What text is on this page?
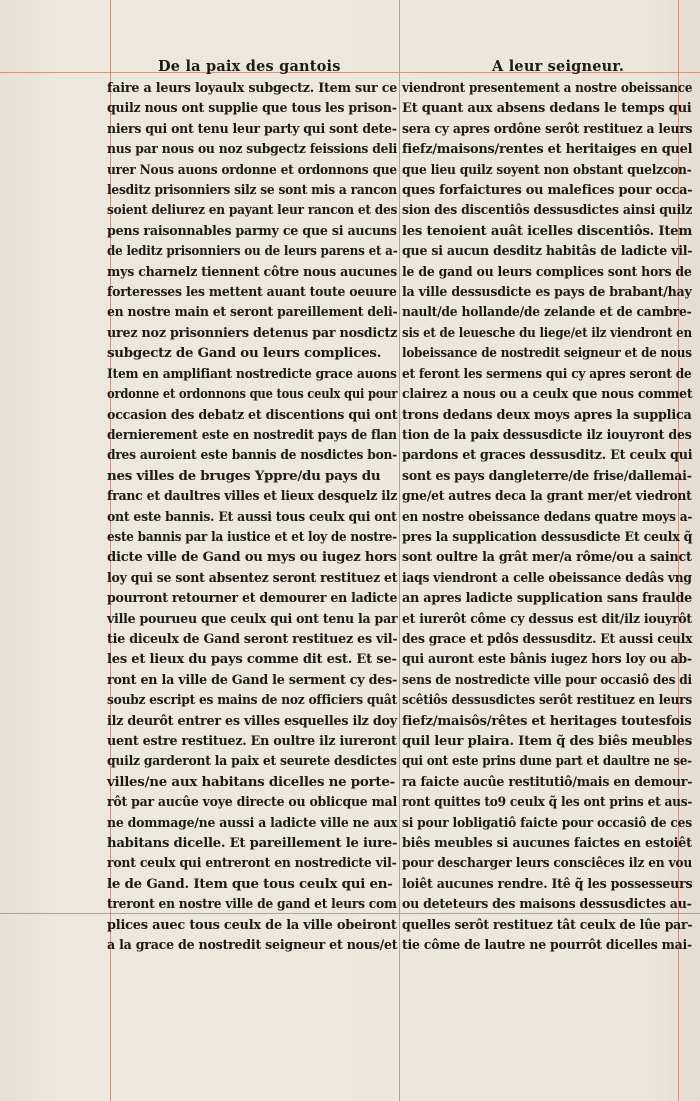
De la paix des gantois	A leur seigneur.
faire a leurs loyaulx subgectz. Item sur ce
quilz nous ont supplie que tous les prison-
niers qui ont tenu leur party qui sont dete-
nus par nous ou noz subgectz feissions deli
urer Nous auons ordonne et ordonnons que
lesditz prisonniers silz se sont mis a rancon
soient deliurez en payant leur rancon et des
pens raisonnables parmy ce que si aucuns
de leditz prisonniers ou de leurs parens et a-
mys charnelz tiennent côtre nous aucunes
forteresses les mettent auant toute oeuure
en nostre main et seront pareillement deli-
urez noz prisonniers detenus par nosdictz
subgectz de Gand ou leurs complices.
Item en amplifiant nostredicte grace auons
ordonne et ordonnons que tous ceulx qui pour
occasion des debatz et discentions qui ont
dernierement este en nostredit pays de flan
dres auroient este bannis de nosdictes bon-
nes villes de bruges Yppre/du pays du
franc et daultres villes et lieux desquelz ilz
ont este bannis. Et aussi tous ceulx qui ont
este bannis par la iustice et et loy de nostre-
dicte ville de Gand ou mys ou iugez hors
loy qui se sont absentez seront restituez et
pourront retourner et demourer en ladicte
ville pourueu que ceulx qui ont tenu la par
tie diceulx de Gand seront restituez es vil-
les et lieux du pays comme dit est. Et se-
ront en la ville de Gand le serment cy des-
soubz escript es mains de noz officiers quât
ilz deurôt entrer es villes esquelles ilz doy
uent estre restituez. En oultre ilz iureront
quilz garderont la paix et seurete desdictes
villes/ne aux habitans dicelles ne porte-
rôt par aucûe voye directe ou oblicque mal
ne dommage/ne aussi a ladicte ville ne aux
habitans dicelle. Et pareillement le iure-
ront ceulx qui entreront en nostredicte vil-
le de Gand. Item que tous ceulx qui en-
treront en nostre ville de gand et leurs com
plices auec tous ceulx de la ville obeiront
a la grace de nostredit seigneur et nous/et
viendront presentement a nostre obeissance
Et quant aux absens dedans le temps qui
sera cy apres ordône serôt restituez a leurs
fiefz/maisons/rentes et heritaiges en quel
que lieu quilz soyent non obstant quelzcon-
ques forfaictures ou malefices pour occa-
sion des discentiôs dessusdictes ainsi quilz
les tenoient auât icelles discentiôs. Item
que si aucun desditz habitâs de ladicte vil-
le de gand ou leurs complices sont hors de
la ville dessusdicte es pays de brabant/hay
nault/de hollande/de zelande et de cambre-
sis et de leuesche du liege/et ilz viendront en
lobeissance de nostredit seigneur et de nous
et feront les sermens qui cy apres seront de
clairez a nous ou a ceulx que nous commet
trons dedans deux moys apres la supplica
tion de la paix dessusdicte ilz iouyront des
pardons et graces dessusditz. Et ceulx qui
sont es pays dangleterre/de frise/dallemai-
gne/et autres deca la grant mer/et viedront
en nostre obeissance dedans quatre moys a-
pres la supplication dessusdicte Et ceulx q̃
sont oultre la grât mer/a rôme/ou a sainct
iaqs viendront a celle obeissance dedâs vng
an apres ladicte supplication sans fraulde
et iurerôt côme cy dessus est dit/ilz iouyrôt
des grace et pdôs dessusditz. Et aussi ceulx
qui auront este bânis iugez hors loy ou ab-
sens de nostredicte ville pour occasiô des di
scêtiôs dessusdictes serôt restituez en leurs
fiefz/maisôs/rêtes et heritages toutesfois
quil leur plaira. Item q̃ des biês meubles
qui ont este prins dune part et daultre ne se-
ra faicte aucûe restitutiô/mais en demour-
ront quittes to9 ceulx q̃ les ont prins et aus-
si pour lobligatiô faicte pour occasiô de ces
biês meubles si aucunes faictes en estoiêt
pour descharger leurs consciêces ilz en vou
loiêt aucunes rendre. Itê q̃ les possesseurs
ou deteteurs des maisons dessusdictes au-
quelles serôt restituez tât ceulx de lûe par-
tie côme de lautre ne pourrôt dicelles mai-
